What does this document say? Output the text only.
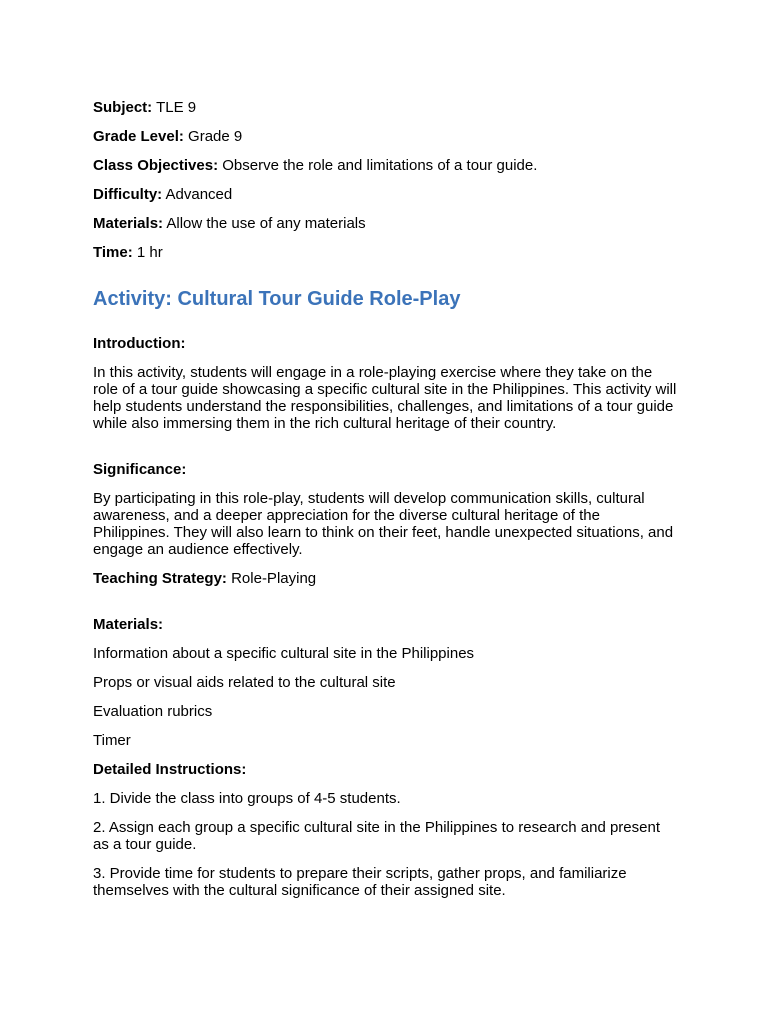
Subject: TLE 9
Grade Level: Grade 9
Class Objectives: Observe the role and limitations of a tour guide.
Difficulty: Advanced
Materials: Allow the use of any materials
Time: 1 hr
Activity: Cultural Tour Guide Role-Play
Introduction:
In this activity, students will engage in a role-playing exercise where they take on the role of a tour guide showcasing a specific cultural site in the Philippines. This activity will help students understand the responsibilities, challenges, and limitations of a tour guide while also immersing them in the rich cultural heritage of their country.
Significance:
By participating in this role-play, students will develop communication skills, cultural awareness, and a deeper appreciation for the diverse cultural heritage of the Philippines. They will also learn to think on their feet, handle unexpected situations, and engage an audience effectively.
Teaching Strategy: Role-Playing
Materials:
Information about a specific cultural site in the Philippines
Props or visual aids related to the cultural site
Evaluation rubrics
Timer
Detailed Instructions:
1. Divide the class into groups of 4-5 students.
2. Assign each group a specific cultural site in the Philippines to research and present as a tour guide.
3. Provide time for students to prepare their scripts, gather props, and familiarize themselves with the cultural significance of their assigned site.
